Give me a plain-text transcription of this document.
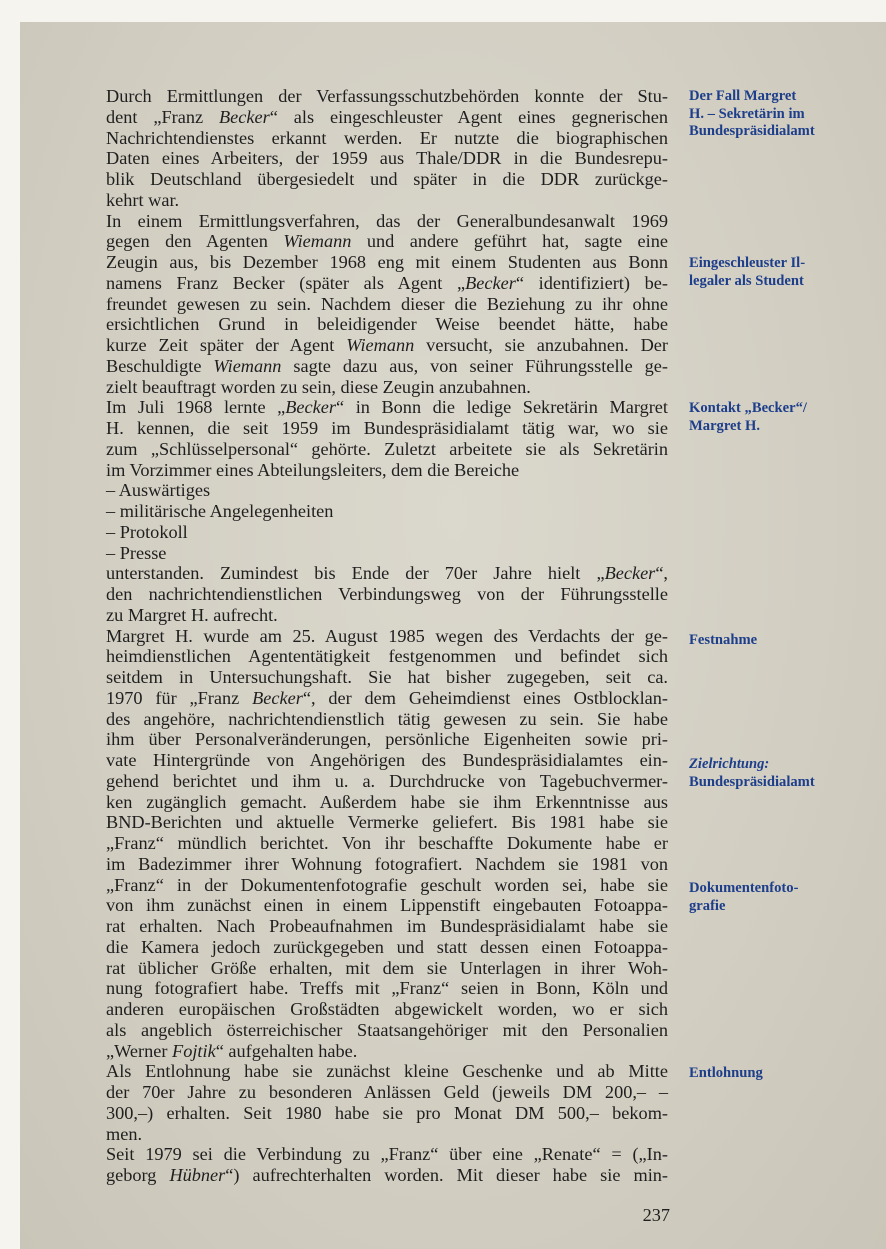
Durch Ermittlungen der Verfassungsschutzbehörden konnte der Stu-
dent „Franz Becker“ als eingeschleuster Agent eines gegnerischen
Nachrichtendienstes erkannt werden. Er nutzte die biographischen
Daten eines Arbeiters, der 1959 aus Thale/DDR in die Bundesrepu-
blik Deutschland übergesiedelt und später in die DDR zurückge-
kehrt war.

In einem Ermittlungsverfahren, das der Generalbundesanwalt 1969
gegen den Agenten Wiemann und andere geführt hat, sagte eine
Zeugin aus, bis Dezember 1968 eng mit einem Studenten aus Bonn
namens Franz Becker (später als Agent „Becker“ identifiziert) be-
freundet gewesen zu sein. Nachdem dieser die Beziehung zu ihr ohne
ersichtlichen Grund in beleidigender Weise beendet hätte, habe
kurze Zeit später der Agent Wiemann versucht, sie anzubahnen. Der
Beschuldigte Wiemann sagte dazu aus, von seiner Führungsstelle ge-
zielt beauftragt worden zu sein, diese Zeugin anzubahnen.

Im Juli 1968 lernte „Becker“ in Bonn die ledige Sekretärin Margret
H. kennen, die seit 1959 im Bundespräsidialamt tätig war, wo sie
zum „Schlüsselpersonal“ gehörte. Zuletzt arbeitete sie als Sekretärin
im Vorzimmer eines Abteilungsleiters, dem die Bereiche

– Auswärtiges
– militärische Angelegenheiten
– Protokoll
– Presse

unterstanden. Zumindest bis Ende der 70er Jahre hielt „Becker“,
den nachrichtendienstlichen Verbindungsweg von der Führungsstelle
zu Margret H. aufrecht.

Margret H. wurde am 25. August 1985 wegen des Verdachts der ge-
heimdienstlichen Agententätigkeit festgenommen und befindet sich
seitdem in Untersuchungshaft. Sie hat bisher zugegeben, seit ca.
1970 für „Franz Becker“, der dem Geheimdienst eines Ostblocklan-
des angehöre, nachrichtendienstlich tätig gewesen zu sein. Sie habe
ihm über Personalveränderungen, persönliche Eigenheiten sowie pri-
vate Hintergründe von Angehörigen des Bundespräsidialamtes ein-
gehend berichtet und ihm u. a. Durchdrucke von Tagebuchvermer-
ken zugänglich gemacht. Außerdem habe sie ihm Erkenntnisse aus
BND-Berichten und aktuelle Vermerke geliefert. Bis 1981 habe sie
„Franz“ mündlich berichtet. Von ihr beschaffte Dokumente habe er
im Badezimmer ihrer Wohnung fotografiert. Nachdem sie 1981 von
„Franz“ in der Dokumentenfotografie geschult worden sei, habe sie
von ihm zunächst einen in einem Lippenstift eingebauten Fotoappa-
rat erhalten. Nach Probeaufnahmen im Bundespräsidialamt habe sie
die Kamera jedoch zurückgegeben und statt dessen einen Fotoappa-
rat üblicher Größe erhalten, mit dem sie Unterlagen in ihrer Woh-
nung fotografiert habe. Treffs mit „Franz“ seien in Bonn, Köln und
anderen europäischen Großstädten abgewickelt worden, wo er sich
als angeblich österreichischer Staatsangehöriger mit den Personalien
„Werner Fojtik“ aufgehalten habe.

Als Entlohnung habe sie zunächst kleine Geschenke und ab Mitte
der 70er Jahre zu besonderen Anlässen Geld (jeweils DM 200,– –
300,–) erhalten. Seit 1980 habe sie pro Monat DM 500,– bekom-
men.

Seit 1979 sei die Verbindung zu „Franz“ über eine „Renate“ = („In-
geborg Hübner“) aufrechterhalten worden. Mit dieser habe sie min-

Der Fall Margret
H. – Sekretärin im
Bundespräsidialamt
Eingeschleuster Il-
legaler als Student
Kontakt „Becker“/
Margret H.
Festnahme
Zielrichtung:
Bundespräsidialamt
Dokumentenfoto-
grafie
Entlohnung
237
